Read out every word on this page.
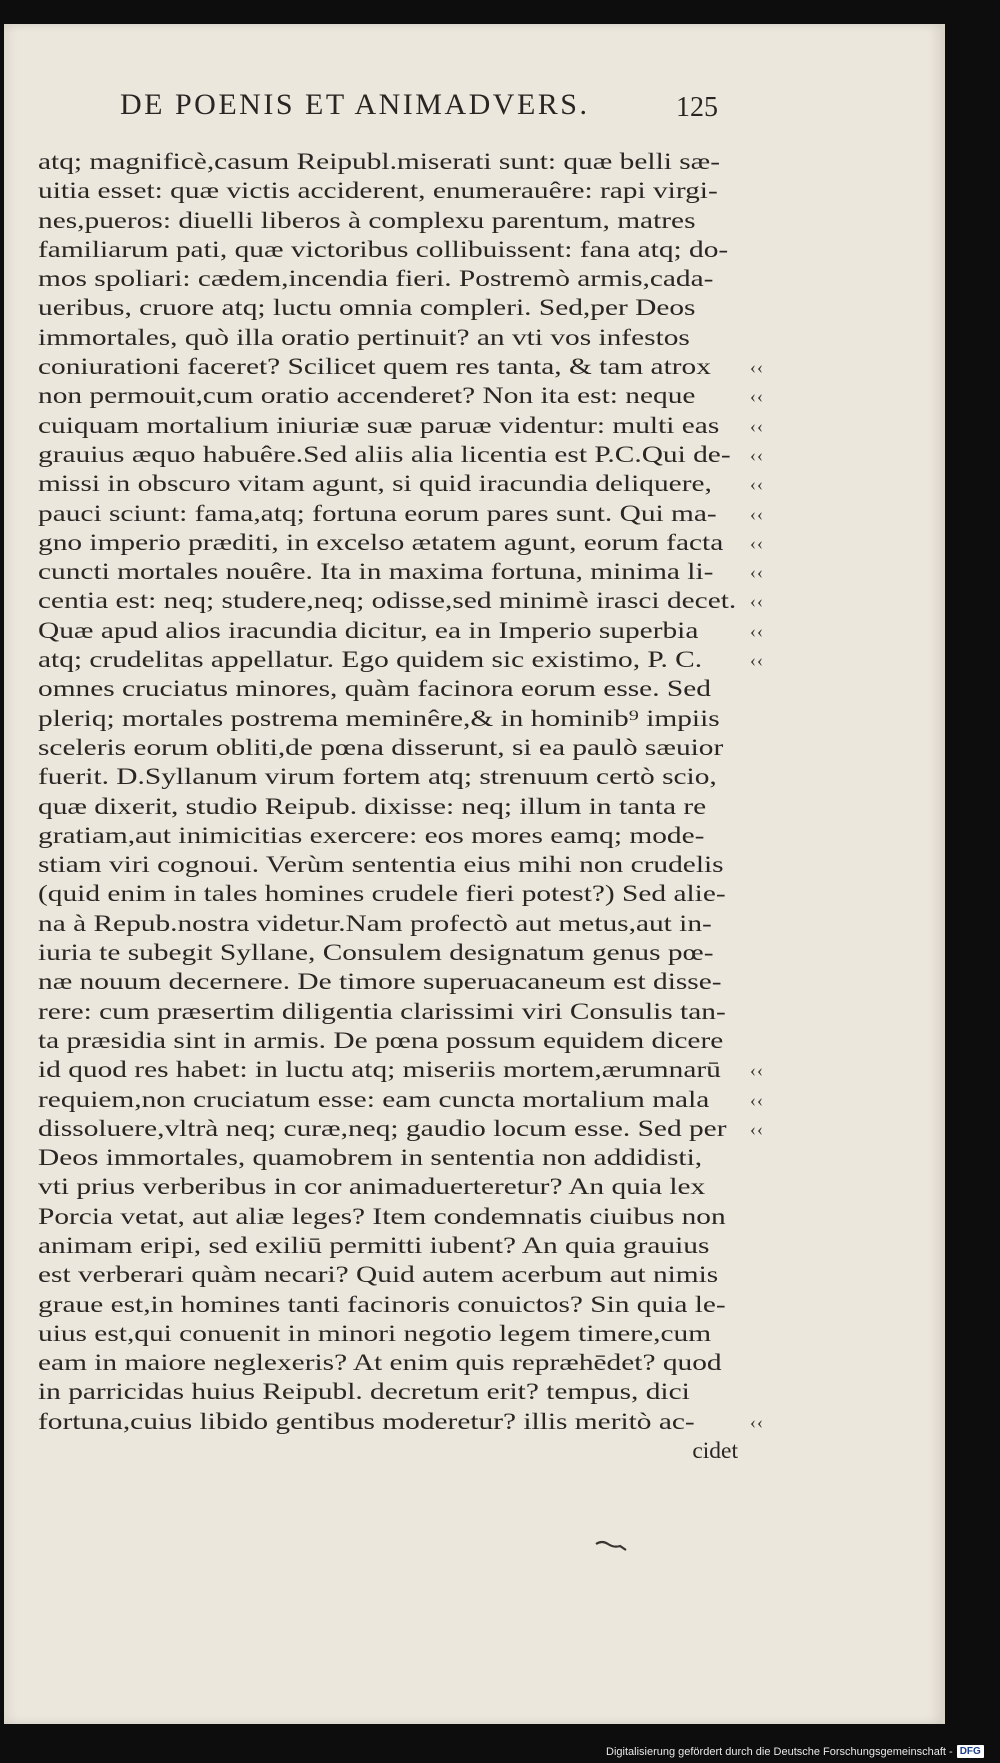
DE POENIS ET ANIMADVERS.	125
atq; magnificè,casum Reipubl.miserati sunt: quæ belli sæ-
uitia esset: quæ victis acciderent, enumerauêre: rapi virgi-
nes,pueros: diuelli liberos à complexu parentum, matres
familiarum pati, quæ victoribus collibuissent: fana atq; do-
mos spoliari: cædem,incendia fieri. Postremò armis,cada-
ueribus, cruore atq; luctu omnia compleri. Sed,per Deos
immortales, quò illa oratio pertinuit? an vti vos infestos
coniurationi faceret? Scilicet quem res tanta, & tam atrox ‹‹
non permouit,cum oratio accenderet? Non ita est: neque	‹‹
cuiquam mortalium iniuriæ suæ paruæ videntur: multi eas ‹‹
grauius æquo habuêre.Sed aliis alia licentia est P.C.Qui de- ‹‹
missi in obscuro vitam agunt, si quid iracundia deliquere, ‹‹
pauci sciunt: fama,atq; fortuna eorum pares sunt. Qui ma- ‹‹
gno imperio præditi, in excelso ætatem agunt, eorum facta ‹‹
cuncti mortales nouêre. Ita in maxima fortuna, minima li- ‹‹
centia est: neq; studere,neq; odisse,sed minimè irasci decet. ‹‹
Quæ apud alios iracundia dicitur, ea in Imperio superbia	‹‹
atq; crudelitas appellatur. Ego quidem sic existimo, P. C.	‹‹
omnes cruciatus minores, quàm facinora eorum esse. Sed
pleriq; mortales postrema meminêre,& in hominib⁹ impiis
sceleris eorum obliti,de pœna disserunt, si ea paulò sæuior
fuerit. D.Syllanum virum fortem atq; strenuum certò scio,
quæ dixerit, studio Reipub. dixisse: neq; illum in tanta re
gratiam,aut inimicitias exercere: eos mores eamq; mode-
stiam viri cognoui. Verùm sententia eius mihi non crudelis
(quid enim in tales homines crudele fieri potest?) Sed alie-
na à Repub.nostra videtur.Nam profectò aut metus,aut in-
iuria te subegit Syllane, Consulem designatum genus pœ-
næ nouum decernere. De timore superuacaneum est disse-
rere: cum præsertim diligentia clarissimi viri Consulis tan-
ta præsidia sint in armis. De pœna possum equidem dicere
id quod res habet: in luctu atq; miseriis mortem,ærumnarū ‹‹
requiem,non cruciatum esse: eam cuncta mortalium mala ‹‹
dissoluere,vltrà neq; curæ,neq; gaudio locum esse. Sed per ‹‹
Deos immortales, quamobrem in sententia non addidisti,
vti prius verberibus in cor animaduerteretur? An quia lex
Porcia vetat, aut aliæ leges? Item condemnatis ciuibus non
animam eripi, sed exiliū permitti iubent? An quia grauius
est verberari quàm necari? Quid autem acerbum aut nimis
graue est,in homines tanti facinoris conuictos? Sin quia le-
uius est,qui conuenit in minori negotio legem timere,cum
eam in maiore neglexeris? At enim quis repræhēdet? quod
in parricidas huius Reipubl. decretum erit? tempus, dici
fortuna,cuius libido gentibus moderetur? illis meritò ac-	‹‹
cidet
Digitalisierung gefördert durch die Deutsche Forschungsgemeinschaft - DFG
